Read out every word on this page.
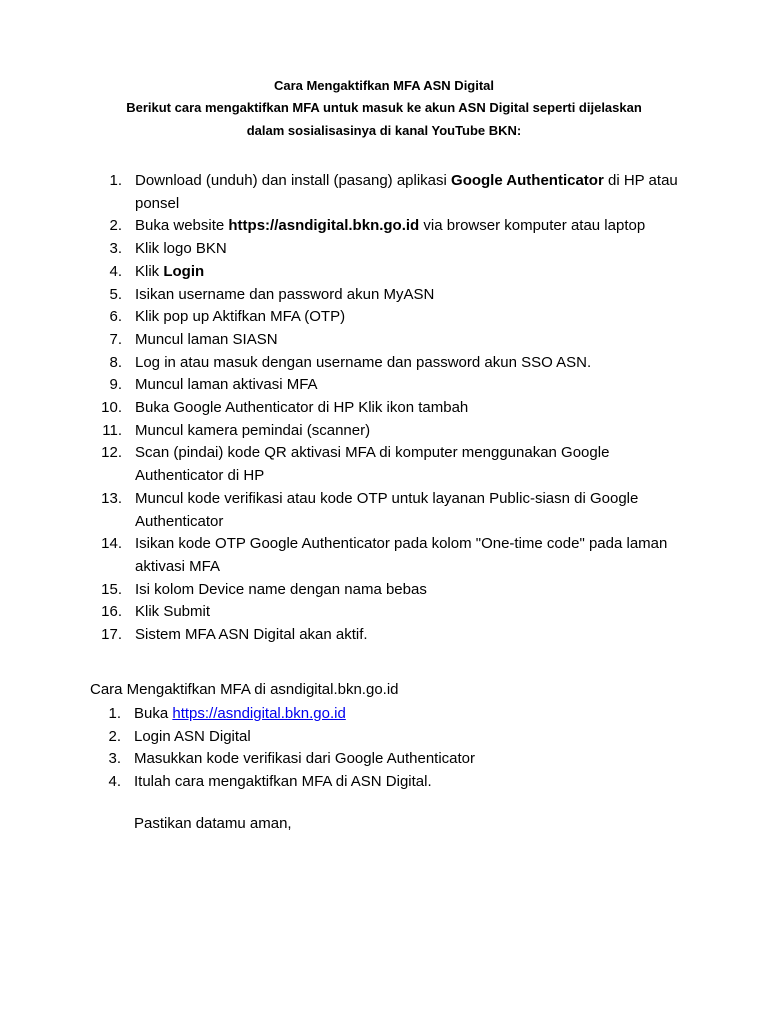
Cara Mengaktifkan MFA ASN Digital

Berikut cara mengaktifkan MFA untuk masuk ke akun ASN Digital seperti dijelaskan
dalam sosialisasinya di kanal YouTube BKN:

1. Download (unduh) dan install (pasang) aplikasi Google Authenticator di HP atau ponsel
2. Buka website https://asndigital.bkn.go.id via browser komputer atau laptop
3. Klik logo BKN
4. Klik Login
5. Isikan username dan password akun MyASN
6. Klik pop up Aktifkan MFA (OTP)
7. Muncul laman SIASN
8. Log in atau masuk dengan username dan password akun SSO ASN.
9. Muncul laman aktivasi MFA
10. Buka Google Authenticator di HP Klik ikon tambah
11. Muncul kamera pemindai (scanner)
12. Scan (pindai) kode QR aktivasi MFA di komputer menggunakan Google Authenticator di HP
13. Muncul kode verifikasi atau kode OTP untuk layanan Public-siasn di Google Authenticator
14. Isikan kode OTP Google Authenticator pada kolom "One-time code" pada laman aktivasi MFA
15. Isi kolom Device name dengan nama bebas
16. Klik Submit
17. Sistem MFA ASN Digital akan aktif.

Cara Mengaktifkan MFA di asndigital.bkn.go.id

1. Buka https://asndigital.bkn.go.id
2. Login ASN Digital
3. Masukkan kode verifikasi dari Google Authenticator
4. Itulah cara mengaktifkan MFA di ASN Digital.

Pastikan datamu aman,
